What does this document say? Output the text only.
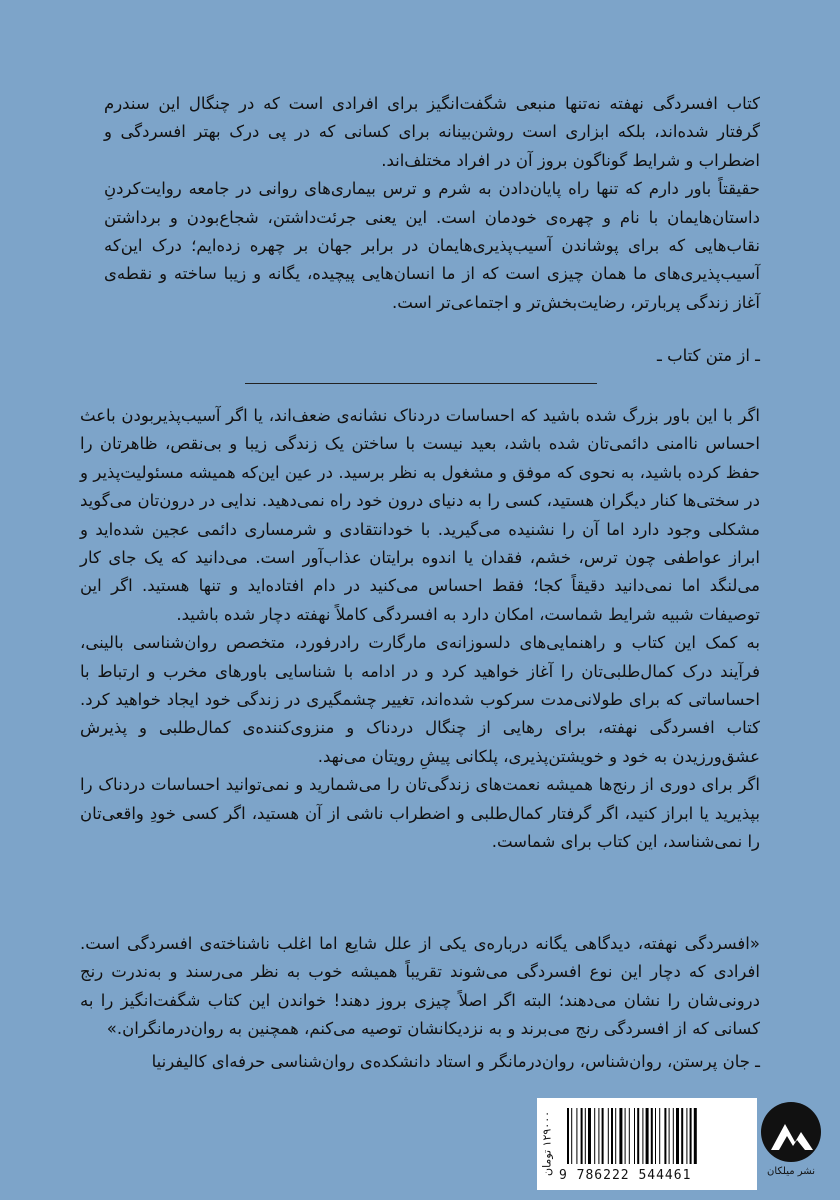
کتاب افسردگی نهفته نه‌تنها منبعی شگفت‌انگیز برای افرادی است که در چنگال این سندرم گرفتار شده‌اند، بلکه ابزاری است روشن‌بینانه برای کسانی که در پی درک بهتر افسردگی و اضطراب و شرایط گوناگون بروز آن در افراد مختلف‌اند.

حقیقتاً باور دارم که تنها راه پایان‌دادن به شرم و ترس بیماری‌های روانی در جامعه روایت‌کردنِ داستان‌هایمان با نام و چهره‌ی خودمان است. این یعنی جرئت‌داشتن، شجاع‌بودن و برداشتن نقاب‌هایی که برای پوشاندن آسیب‌پذیری‌هایمان در برابر جهان بر چهره زده‌ایم؛ درک این‌که آسیب‌پذیری‌های ما همان چیزی است که از ما انسان‌هایی پیچیده، یگانه و زیبا ساخته و نقطه‌ی آغاز زندگی پربارتر، رضایت‌بخش‌تر و اجتماعی‌تر است.

ـ از متن کتاب ـ

اگر با این باور بزرگ شده باشید که احساسات دردناک نشانه‌ی ضعف‌اند، یا اگر آسیب‌پذیربودن باعث احساس ناامنی دائمی‌تان شده باشد، بعید نیست با ساختن یک زندگی زیبا و بی‌نقص، ظاهرتان را حفظ کرده باشید، به نحوی که موفق و مشغول به نظر برسید. در عین این‌که همیشه مسئولیت‌پذیر و در سختی‌ها کنار دیگران هستید، کسی را به دنیای درون خود راه نمی‌دهید. ندایی در درون‌تان می‌گوید مشکلی وجود دارد اما آن را نشنیده می‌گیرید. با خودانتقادی و شرمساری دائمی عجین شده‌اید و ابراز عواطفی چون ترس، خشم، فقدان یا اندوه برایتان عذاب‌آور است. می‌دانید که یک جای کار می‌لنگد اما نمی‌دانید دقیقاً کجا؛ فقط احساس می‌کنید در دام افتاده‌اید و تنها هستید. اگر این توصیفات شبیه شرایط شماست، امکان دارد به افسردگی کاملاً نهفته دچار شده باشید.

به کمک این کتاب و راهنمایی‌های دلسوزانه‌ی مارگارت رادرفورد، متخصص روان‌شناسی بالینی، فرآیند درک کمال‌طلبی‌تان را آغاز خواهید کرد و در ادامه با شناسایی باورهای مخرب و ارتباط با احساساتی که برای طولانی‌مدت سرکوب شده‌اند، تغییر چشمگیری در زندگی خود ایجاد خواهید کرد. کتاب افسردگی نهفته، برای رهایی از چنگال دردناک و منزوی‌کننده‌ی کمال‌طلبی و پذیرش عشق‌ورزیدن به خود و خویشتن‌پذیری، پلکانی پیشِ رویتان می‌نهد.

اگر برای دوری از رنج‌ها همیشه نعمت‌های زندگی‌تان را می‌شمارید و نمی‌توانید احساسات دردناک را بپذیرید یا ابراز کنید، اگر گرفتار کمال‌طلبی و اضطراب ناشی از آن هستید، اگر کسی خودِ واقعی‌تان را نمی‌شناسد، این کتاب برای شماست.

«افسردگی نهفته، دیدگاهی یگانه درباره‌ی یکی از علل شایع اما اغلب ناشناخته‌ی افسردگی است. افرادی که دچار این نوع افسردگی می‌شوند تقریباً همیشه خوب به نظر می‌رسند و به‌ندرت رنج درونی‌شان را نشان می‌دهند؛ البته اگر اصلاً چیزی بروز دهند! خواندن این کتاب شگفت‌انگیز را به کسانی که از افسردگی رنج می‌برند و به نزدیکانشان توصیه می‌کنم، همچنین به روان‌درمانگران.»

ـ جان پرستن، روان‌شناس، روان‌درمانگر و استاد دانشکده‌ی روان‌شناسی حرفه‌ای کالیفرنیا
۱۲۹۰۰۰ تومان
9 786222 544461	نشر میلکان
